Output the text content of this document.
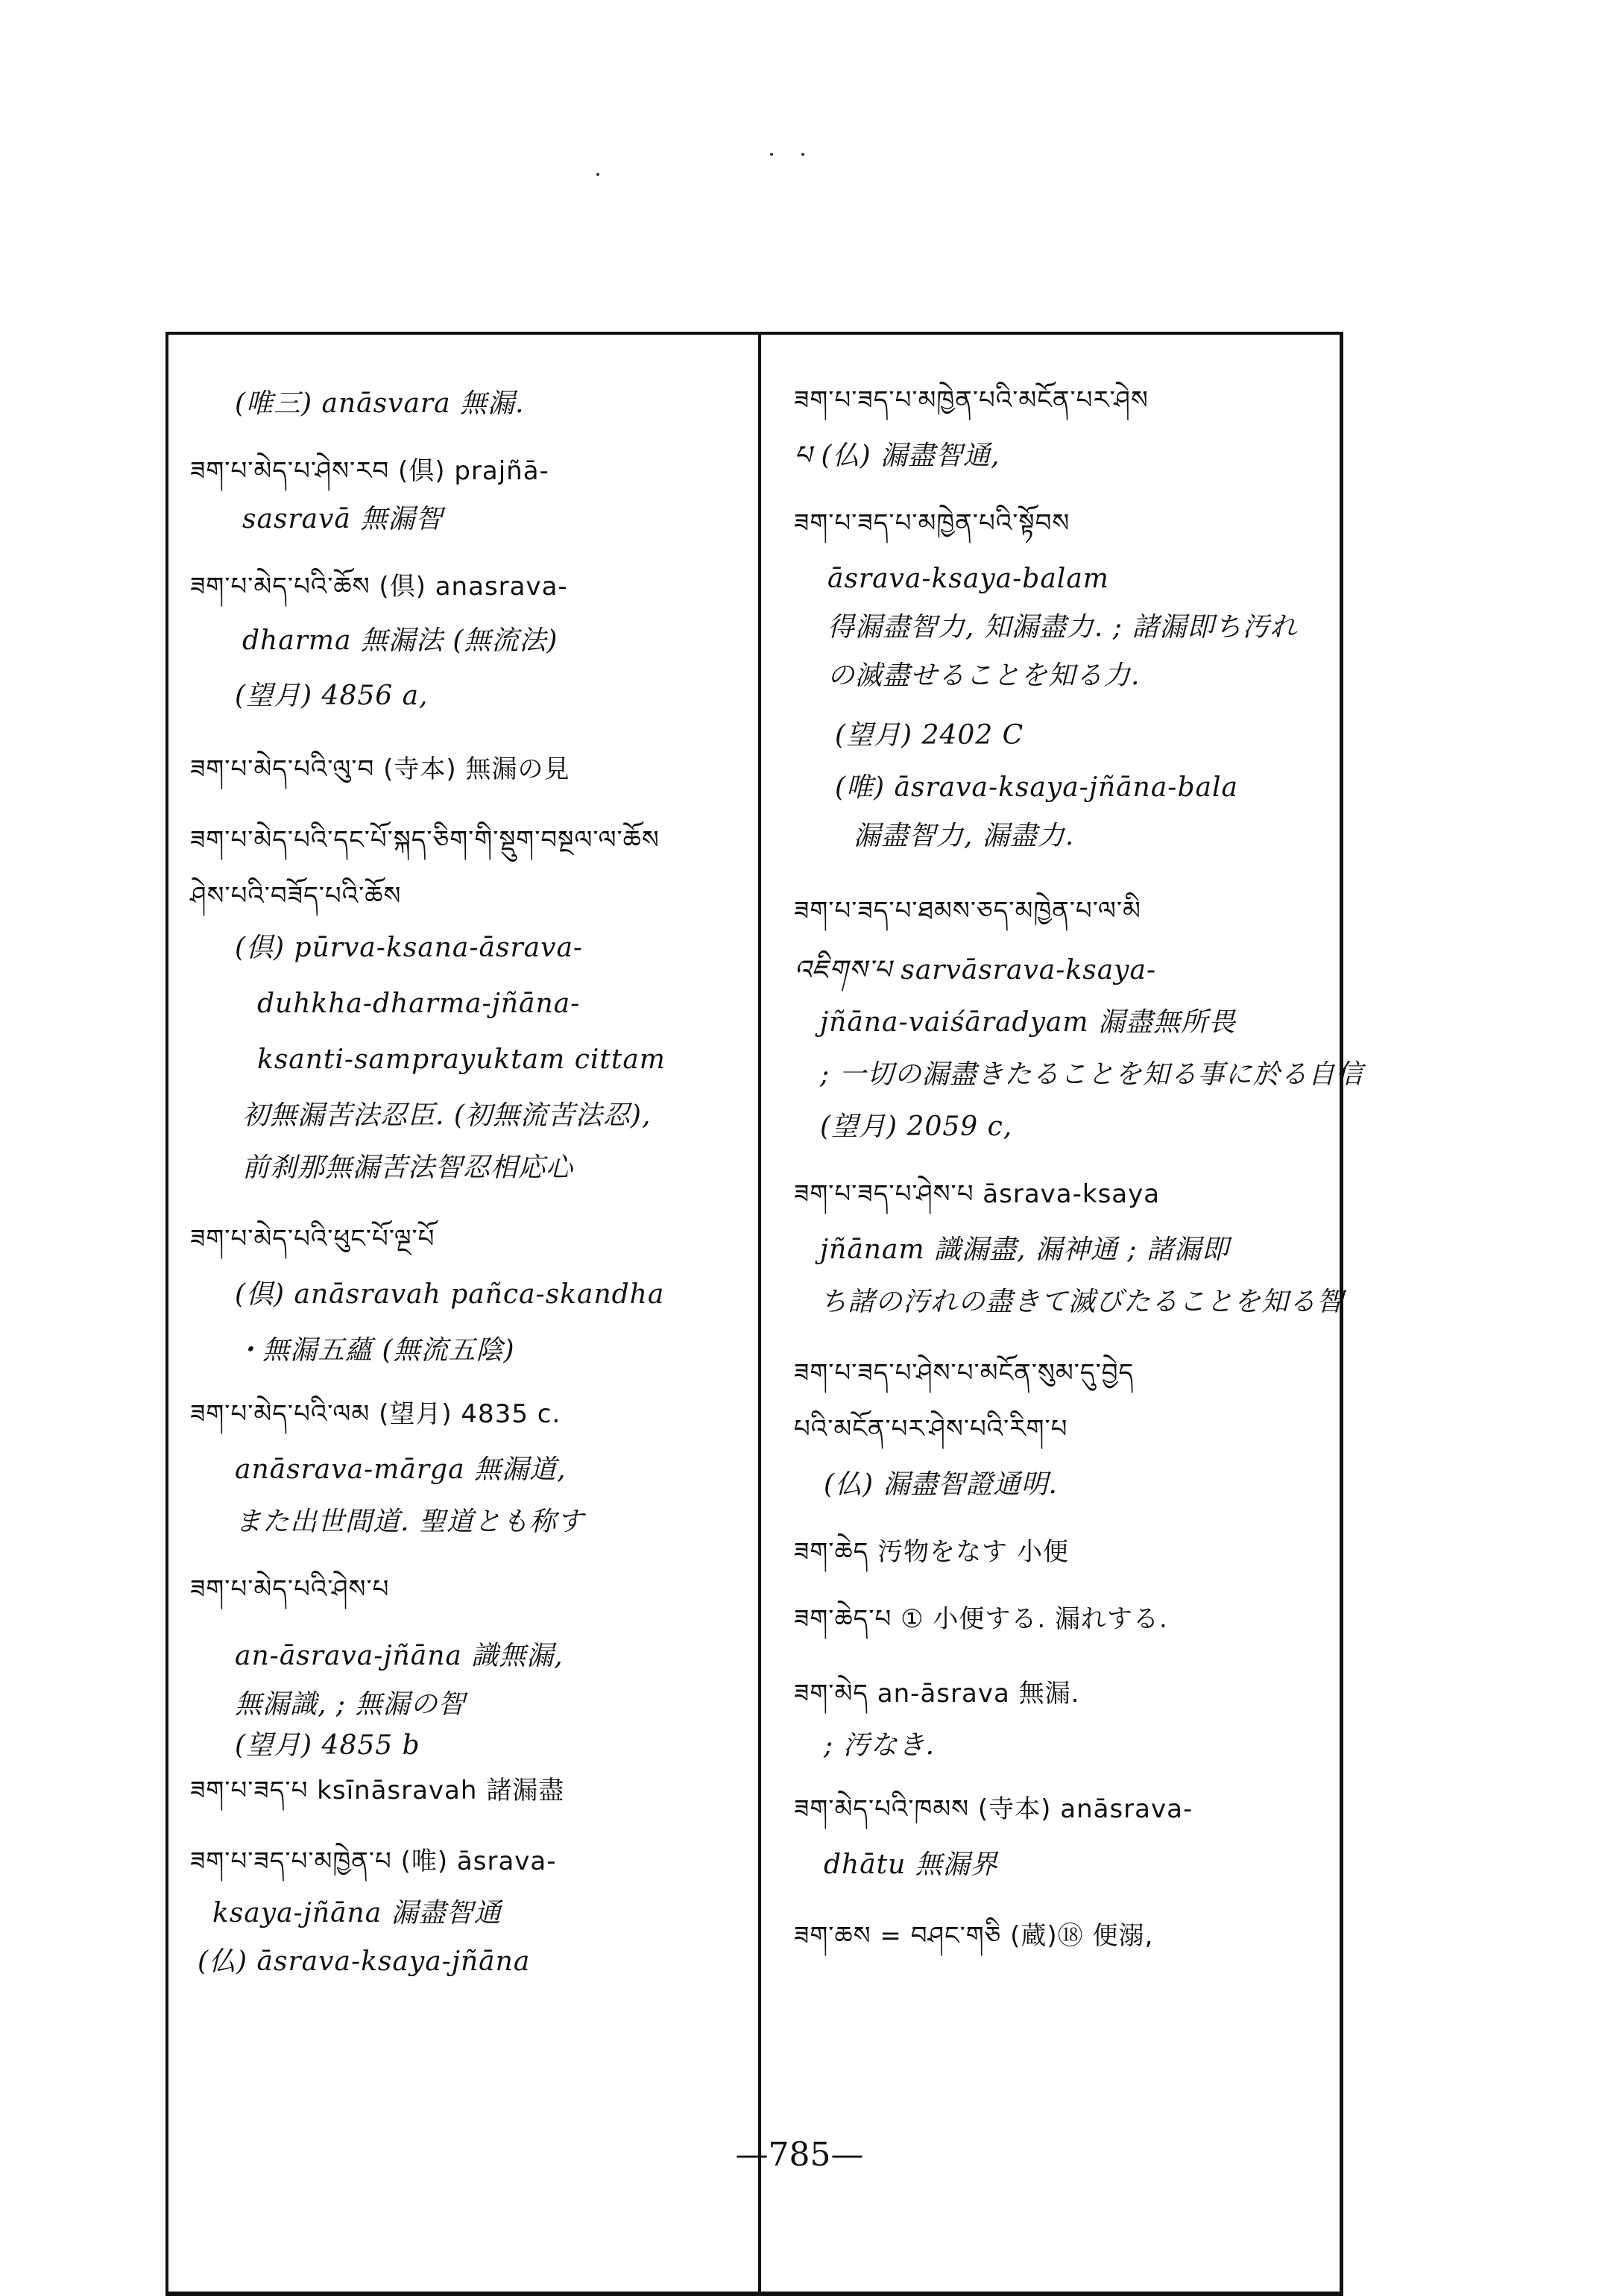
(唯三) anāsvara 無漏.
ཟག་པ་མེད་པ་ཤེས་རབ (倶) prajñā-
sasravā 無漏智
ཟག་པ་མེད་པའི་ཆོས (倶) anasrava-
dharma 無漏法 (無流法)
(望月) 4856 a,
ཟག་པ་མེད་པའི་ལུ་བ (寺本) 無漏の見
ཟག་པ་མེད་པའི་དང་པོ་སྐད་ཅིག་གི་སྡུག་བསྔལ་ལ་ཆོས
ཤེས་པའི་བཟོད་པའི་ཆོས
(倶) pūrva-ksana-āsrava-
duhkha-dharma-jñāna-
ksanti-samprayuktam cittam
初無漏苦法忍臣. (初無流苦法忍),
前刹那無漏苦法智忍相応心
ཟག་པ་མེད་པའི་ཕུང་པོ་ལྔ་པོ
(倶) anāsravah pañca-skandha
・無漏五蘊 (無流五陰)
ཟག་པ་མེད་པའི་ལམ (望月) 4835 c.
anāsrava-mārga 無漏道,
また出世間道. 聖道とも称す
ཟག་པ་མེད་པའི་ཤེས་པ
an-āsrava-jñāna 識無漏,
無漏識, ; 無漏の智
(望月) 4855 b
ཟག་པ་ཟད་པ ksīnāsravah 諸漏盡
ཟག་པ་ཟད་པ་མཁྱེན་པ (唯) āsrava-
ksaya-jñāna 漏盡智通
(仏) āsrava-ksaya-jñāna
ཟག་པ་ཟད་པ་མཁྱེན་པའི་མངོན་པར་ཤེས
པ (仏) 漏盡智通,
ཟག་པ་ཟད་པ་མཁྱེན་པའི་སྟོབས
āsrava-ksaya-balam
得漏盡智力, 知漏盡力. ; 諸漏即ち汚れ
の滅盡せることを知る力.
(望月) 2402 C
(唯) āsrava-ksaya-jñāna-bala
漏盡智力, 漏盡力.
ཟག་པ་ཟད་པ་ཐམས་ཅད་མཁྱེན་པ་ལ་མི
འཇིགས་པ sarvāsrava-ksaya-
jñāna-vaiśāradyam 漏盡無所畏
; 一切の漏盡きたることを知る事に於る自信
(望月) 2059 c,
ཟག་པ་ཟད་པ་ཤེས་པ āsrava-ksaya
jñānam 識漏盡, 漏神通 ; 諸漏即
ち諸の汚れの盡きて滅びたることを知る智
ཟག་པ་ཟད་པ་ཤེས་པ་མངོན་སུམ་དུ་བྱེད
པའི་མངོན་པར་ཤེས་པའི་རིག་པ
(仏) 漏盡智證通明.
ཟག་ཆེད 汚物をなす 小便
ཟག་ཆེད་པ ① 小便する. 漏れする.
ཟག་མེད an-āsrava 無漏.
; 汚なき.
ཟག་མེད་པའི་ཁམས (寺本) anāsrava-
dhātu 無漏界
ཟག་ཆས = བཤང་གཅི (蔵)⑱ 便溺,
—785—
